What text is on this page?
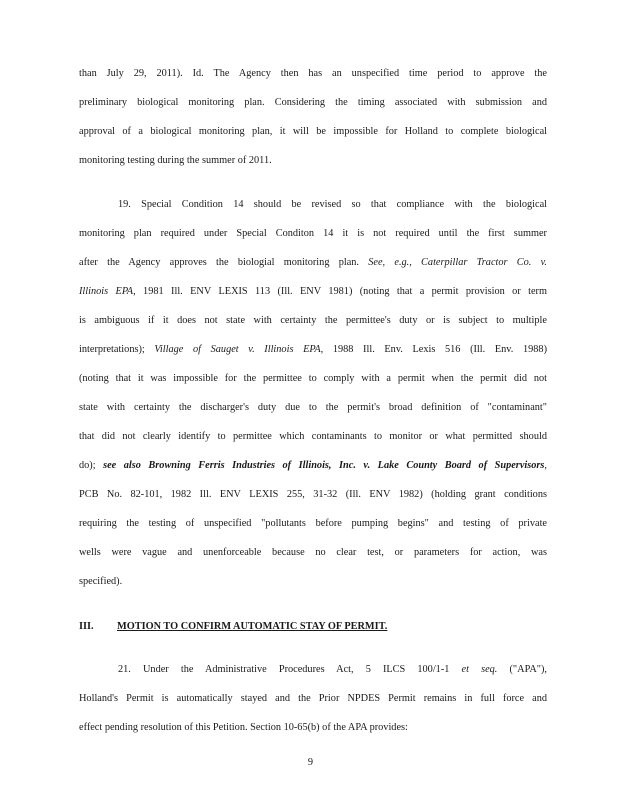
than July 29, 2011). Id. The Agency then has an unspecified time period to approve the
preliminary biological monitoring plan. Considering the timing associated with submission and
approval of a biological monitoring plan, it will be impossible for Holland to complete biological
monitoring testing during the summer of 2011.
19. Special Condition 14 should be revised so that compliance with the biological
monitoring plan required under Special Conditon 14 it is not required until the first summer
after the Agency approves the biologial monitoring plan. See, e.g., Caterpillar Tractor Co. v.
Illinois EPA, 1981 Ill. ENV LEXIS 113 (Ill. ENV 1981) (noting that a permit provision or term
is ambiguous if it does not state with certainty the permittee's duty or is subject to multiple
interpretations); Village of Sauget v. Illinois EPA, 1988 Ill. Env. Lexis 516 (Ill. Env. 1988)
(noting that it was impossible for the permittee to comply with a permit when the permit did not
state with certainty the discharger's duty due to the permit's broad definition of "contaminant"
that did not clearly identify to permittee which contaminants to monitor or what permitted should
do); see also Browning Ferris Industries of Illinois, Inc. v. Lake County Board of Supervisors,
PCB No. 82-101, 1982 Ill. ENV LEXIS 255, 31-32 (Ill. ENV 1982) (holding grant conditions
requiring the testing of unspecified "pollutants before pumping begins" and testing of private
wells were vague and unenforceable because no clear test, or parameters for action, was
specified).
III. MOTION TO CONFIRM AUTOMATIC STAY OF PERMIT.
21. Under the Administrative Procedures Act, 5 ILCS 100/1-1 et seq. ("APA"),
Holland's Permit is automatically stayed and the Prior NPDES Permit remains in full force and
effect pending resolution of this Petition. Section 10-65(b) of the APA provides:
9
